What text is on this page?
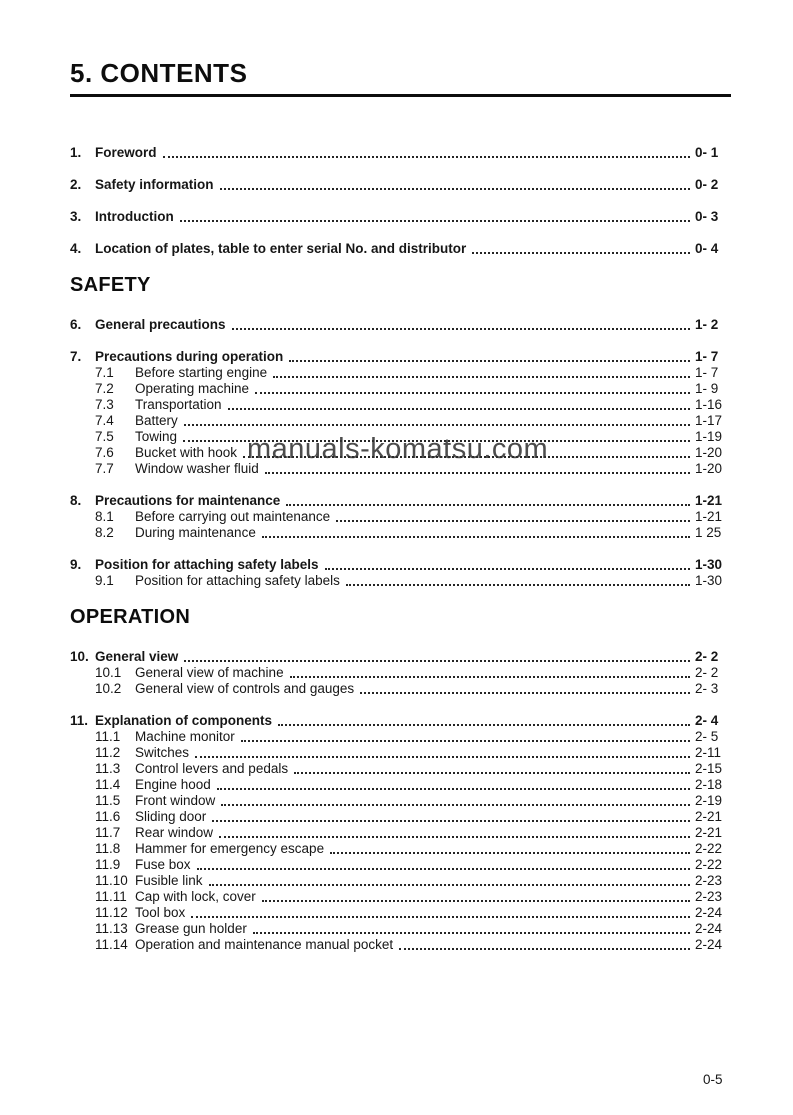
5. CONTENTS
1.	Foreword	0- 1
2.	Safety information	0- 2
3.	Introduction	0- 3
4.	Location of plates, table to enter serial No. and distributor	0- 4
SAFETY
6.	General precautions	1- 2
7.	Precautions during operation	1- 7
7.1	Before starting engine	1- 7
7.2	Operating machine	1- 9
7.3	Transportation	1-16
7.4	Battery	1-17
7.5	Towing	1-19
7.6	Bucket with hook	1-20
7.7	Window washer fluid	1-20
8.	Precautions for maintenance	1-21
8.1	Before carrying out maintenance	1-21
8.2	During maintenance	1 25
9.	Position for attaching safety labels	1-30
9.1	Position for attaching safety labels	1-30
OPERATION
10. General view	2- 2
10.1	General view of machine	2- 2
10.2	General view of controls and gauges	2- 3
11. Explanation of components	2- 4
11.1	Machine monitor	2- 5
11.2	Switches	2-11
11.3	Control levers and pedals	2-15
11.4	Engine hood	2-18
11.5	Front window	2-19
11.6	Sliding door	2-21
11.7	Rear window	2-21
11.8	Hammer for emergency escape	2-22
11.9	Fuse box	2-22
11.10 Fusible link	2-23
11.11 Cap with lock, cover	2-23
11.12 Tool box	2-24
11.13 Grease gun holder	2-24
11.14 Operation and maintenance manual pocket	2-24
manuals-komatsu.com
0-5
